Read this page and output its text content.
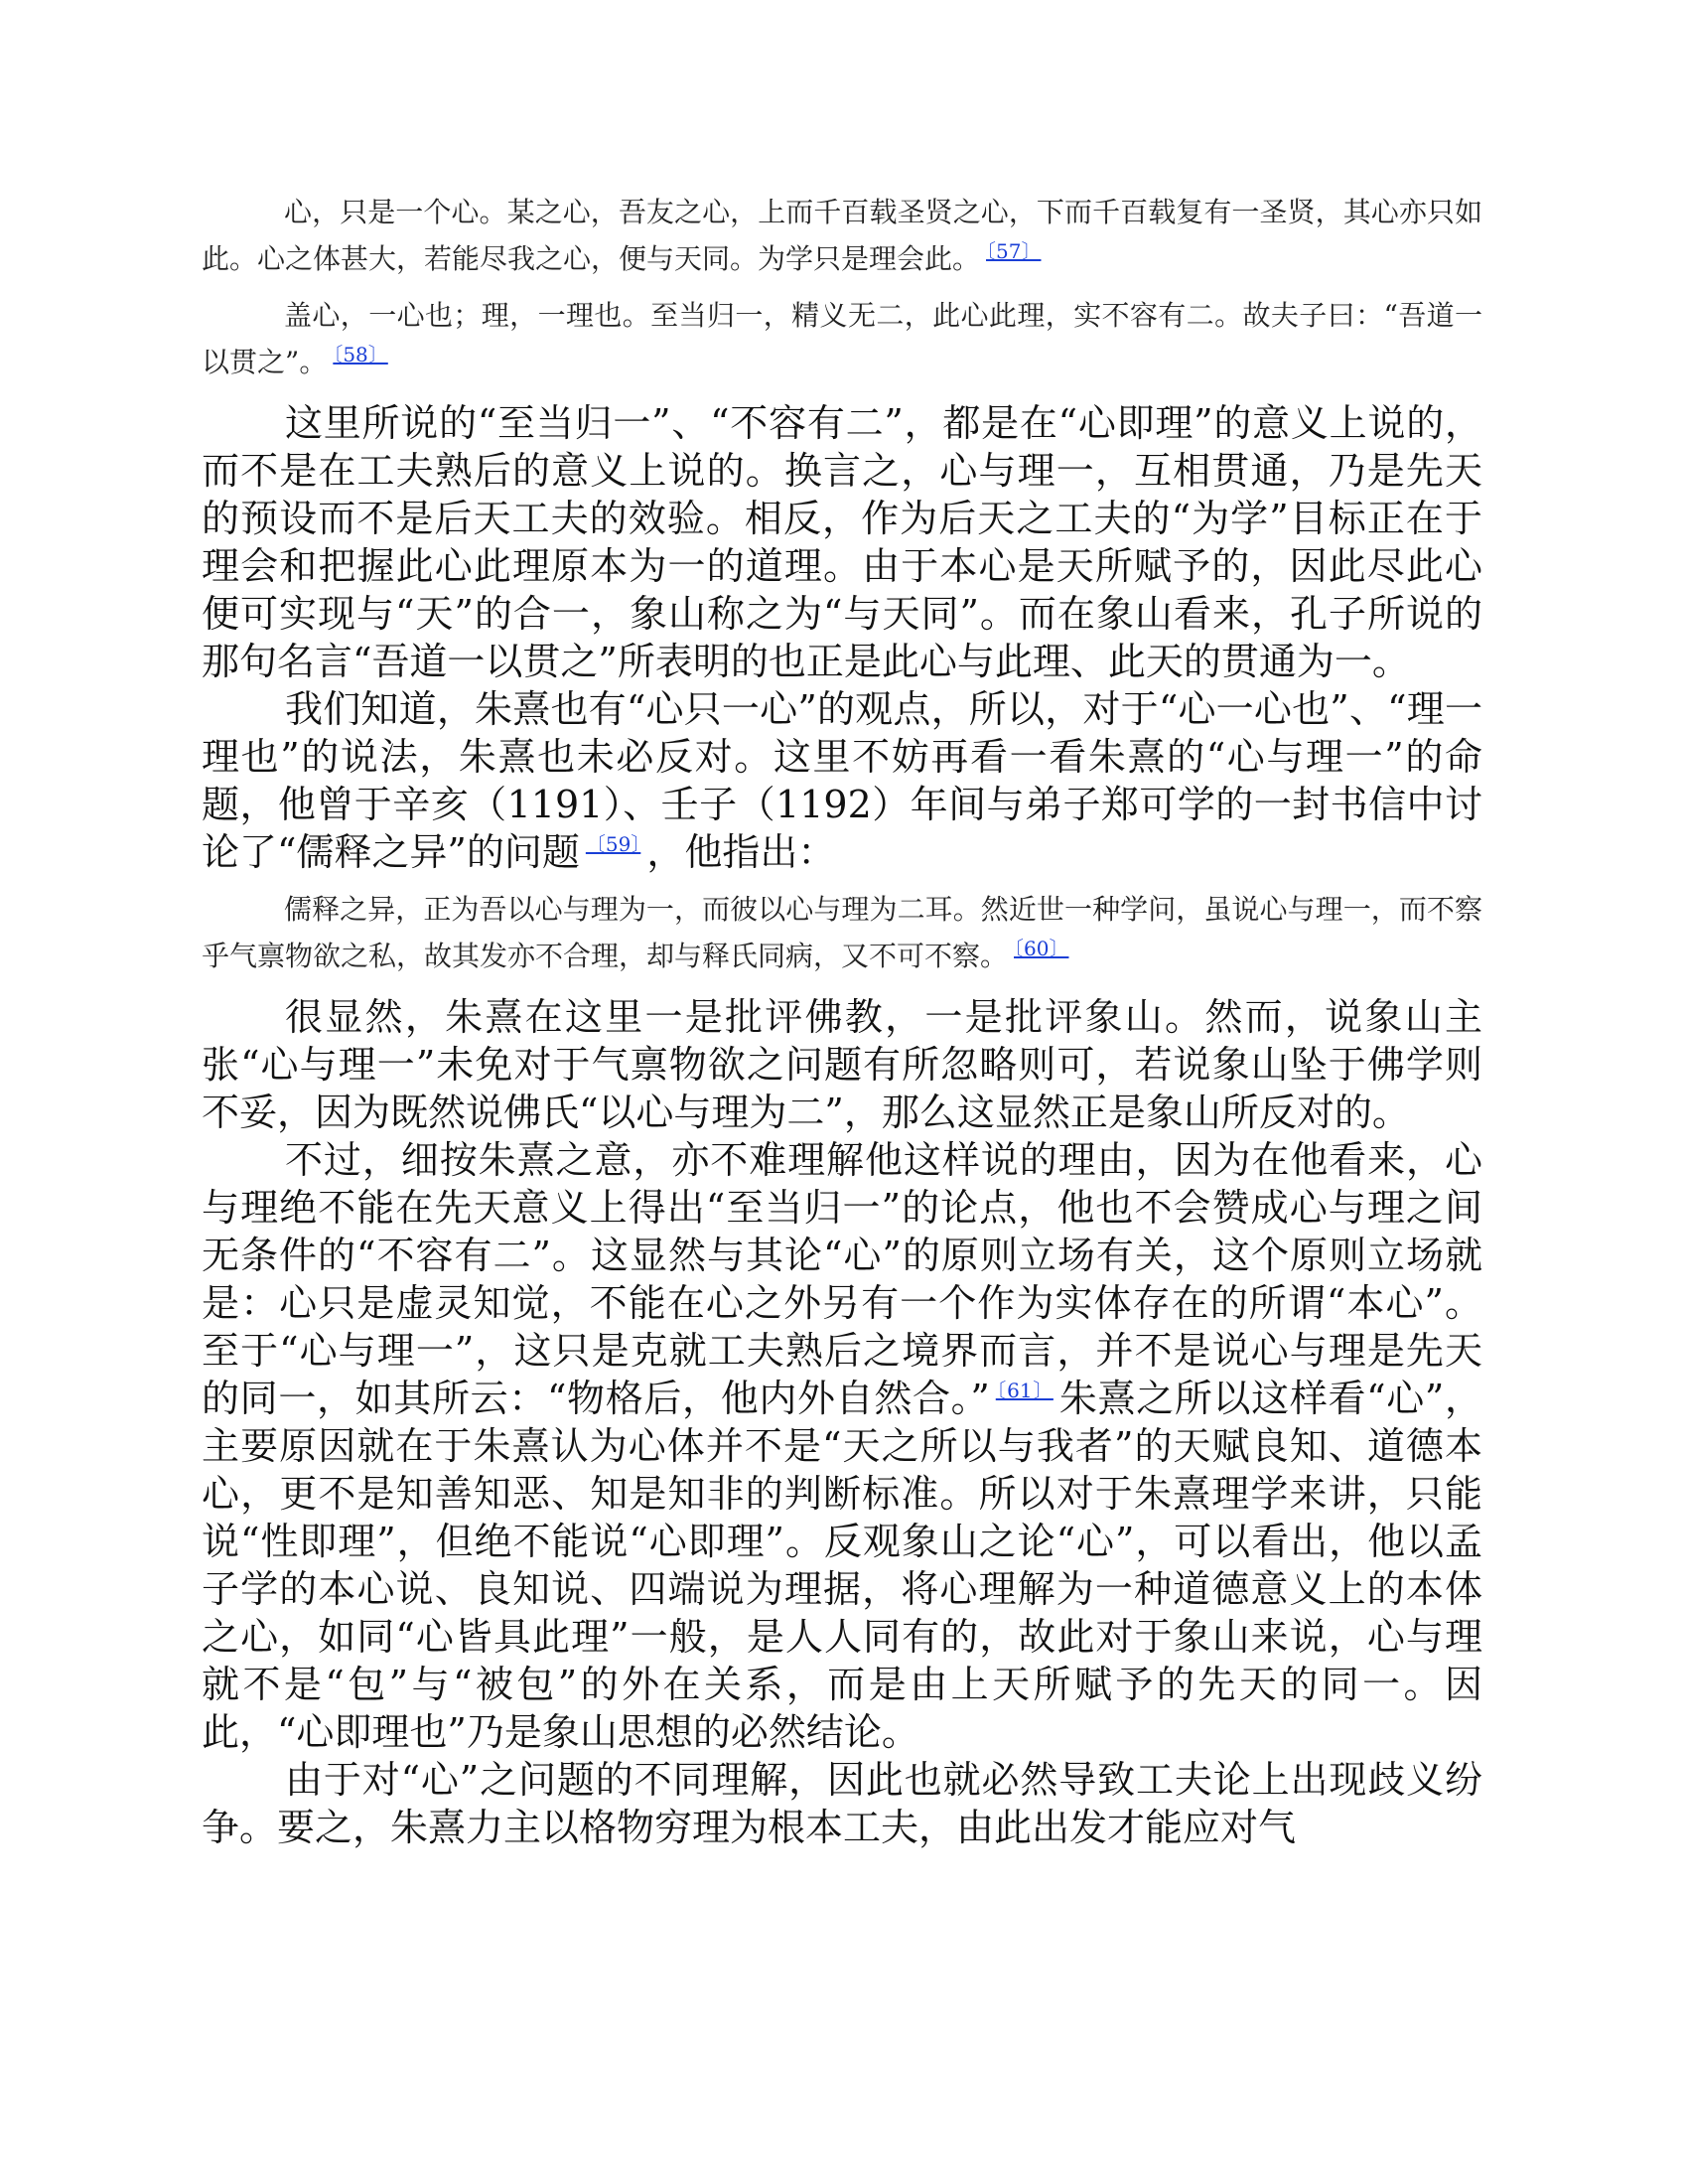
心，只是一个心。某之心，吾友之心，上而千百载圣贤之心，下而千百载复有一圣贤，其心亦只如此。心之体甚大，若能尽我之心，便与天同。为学只是理会此。 $^{〔57〕}$

盖心，一心也；理，一理也。至当归一，精义无二，此心此理，实不容有二。故夫子曰：“吾道一以贯之”。 $^{〔58〕}$

这里所说的“至当归一”、“不容有二”，都是在“心即理”的意义上说的，而不是在工夫熟后的意义上说的。换言之，心与理一，互相贯通，乃是先天的预设而不是后天工夫的效验。相反，作为后天之工夫的“为学”目标正在于理会和把握此心此理原本为一的道理。由于本心是天所赋予的，因此尽此心便可实现与“天”的合一，象山称之为“与天同”。而在象山看来，孔子所说的那句名言“吾道一以贯之”所表明的也正是此心与此理、此天的贯通为一。

我们知道，朱熹也有“心只一心”的观点，所以，对于“心一心也”、“理一理也”的说法，朱熹也未必反对。这里不妨再看一看朱熹的“心与理一”的命题，他曾于辛亥（1191）、壬子（1192）年间与弟子郑可学的一封书信中讨论了“儒释之异”的问题 $^{〔59〕}$ ，他指出：

儒释之异，正为吾以心与理为一，而彼以心与理为二耳。然近世一种学问，虽说心与理一，而不察乎气禀物欲之私，故其发亦不合理，却与释氏同病，又不可不察。 $^{〔60〕}$

很显然，朱熹在这里一是批评佛教，一是批评象山。然而，说象山主张“心与理一”未免对于气禀物欲之问题有所忽略则可，若说象山坠于佛学则不妥，因为既然说佛氏“以心与理为二”，那么这显然正是象山所反对的。

不过，细按朱熹之意，亦不难理解他这样说的理由，因为在他看来，心与理绝不能在先天意义上得出“至当归一”的论点，他也不会赞成心与理之间无条件的“不容有二”。这显然与其论“心”的原则立场有关，这个原则立场就是：心只是虚灵知觉，不能在心之外另有一个作为实体存在的所谓“本心”。至于“心与理一”，这只是克就工夫熟后之境界而言，并不是说心与理是先天的同一，如其所云：“物格后，他内外自然合。” $^{〔61〕}$ 朱熹之所以这样看“心”，主要原因就在于朱熹认为心体并不是“天之所以与我者”的天赋良知、道德本心，更不是知善知恶、知是知非的判断标准。所以对于朱熹理学来讲，只能说“性即理”，但绝不能说“心即理”。反观象山之论“心”，可以看出，他以孟子学的本心说、良知说、四端说为理据，将心理解为一种道德意义上的本体之心，如同“心皆具此理”一般，是人人同有的，故此对于象山来说，心与理就不是“包”与“被包”的外在关系，而是由上天所赋予的先天的同一。因此，“心即理也”乃是象山思想的必然结论。

由于对“心”之问题的不同理解，因此也就必然导致工夫论上出现歧义纷争。要之，朱熹力主以格物穷理为根本工夫，由此出发才能应对气
